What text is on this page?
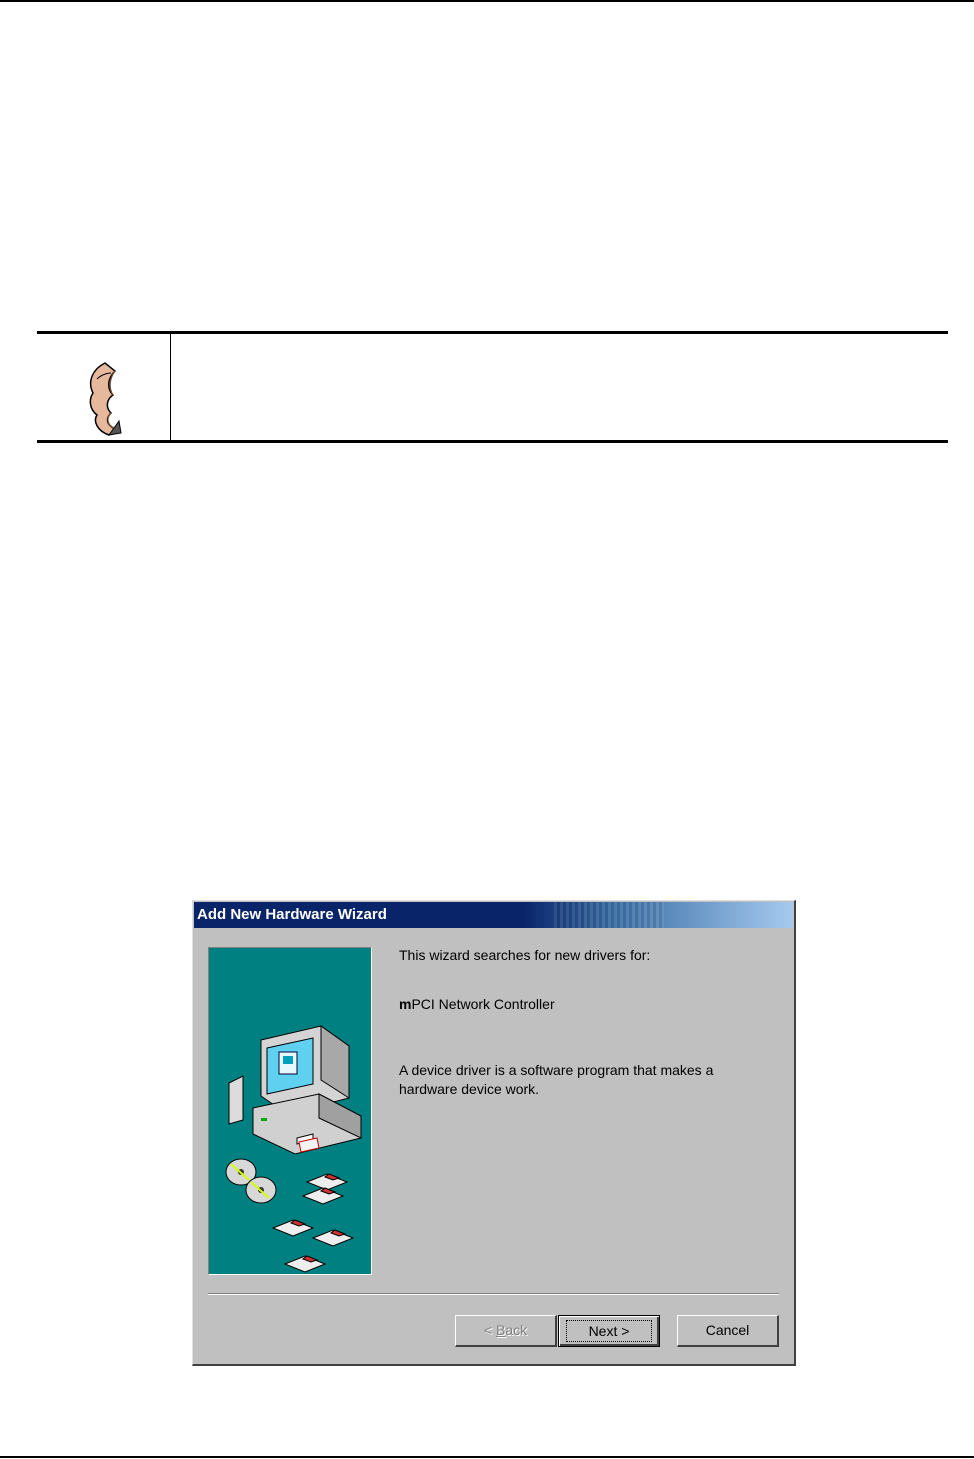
Add New Hardware Wizard
This wizard searches for new drivers for:
mPCI Network Controller
A device driver is a software program that makes a
hardware device work.
< Back	Next >	Cancel
